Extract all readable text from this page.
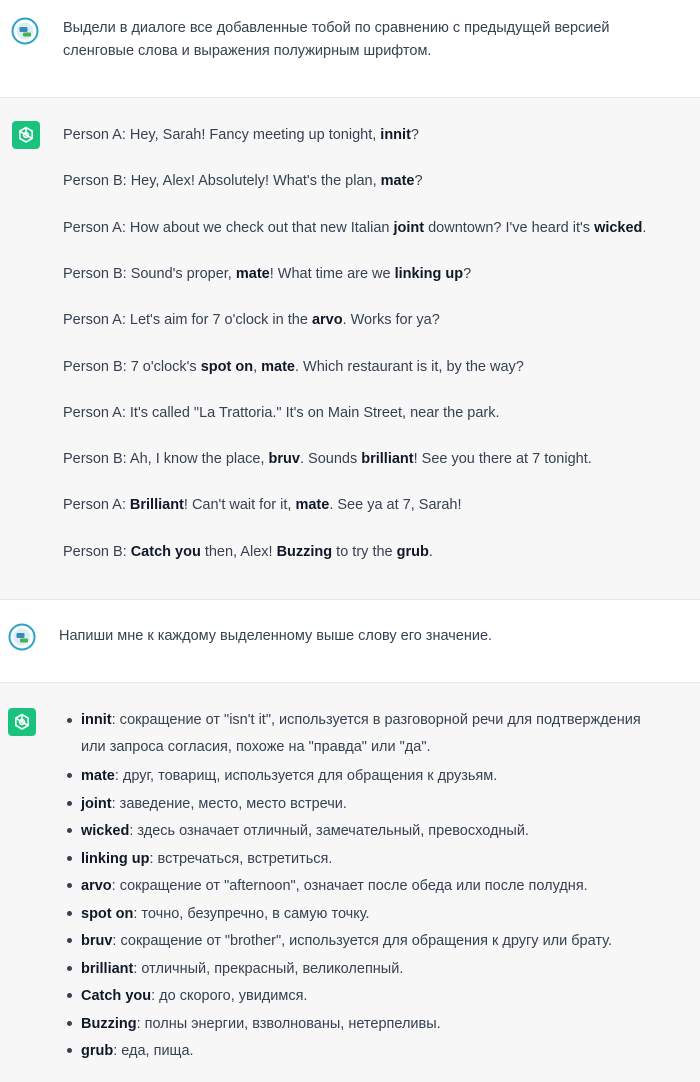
Выдели в диалоге все добавленные тобой по сравнению с предыдущей версией
сленговые слова и выражения полужирным шрифтом.
Person A: Hey, Sarah! Fancy meeting up tonight, innit?
Person B: Hey, Alex! Absolutely! What's the plan, mate?
Person A: How about we check out that new Italian joint downtown? I've heard it's wicked.
Person B: Sound's proper, mate! What time are we linking up?
Person A: Let's aim for 7 o'clock in the arvo. Works for ya?
Person B: 7 o'clock's spot on, mate. Which restaurant is it, by the way?
Person A: It's called "La Trattoria." It's on Main Street, near the park.
Person B: Ah, I know the place, bruv. Sounds brilliant! See you there at 7 tonight.
Person A: Brilliant! Can't wait for it, mate. See ya at 7, Sarah!
Person B: Catch you then, Alex! Buzzing to try the grub.
Напиши мне к каждому выделенному выше слову его значение.
innit: сокращение от "isn't it", используется в разговорной речи для подтверждения
или запроса согласия, похоже на "правда" или "да".
mate: друг, товарищ, используется для обращения к друзьям.
joint: заведение, место, место встречи.
wicked: здесь означает отличный, замечательный, превосходный.
linking up: встречаться, встретиться.
arvo: сокращение от "afternoon", означает после обеда или после полудня.
spot on: точно, безупречно, в самую точку.
bruv: сокращение от "brother", используется для обращения к другу или брату.
brilliant: отличный, прекрасный, великолепный.
Catch you: до скорого, увидимся.
Buzzing: полны энергии, взволнованы, нетерпеливы.
grub: еда, пища.
